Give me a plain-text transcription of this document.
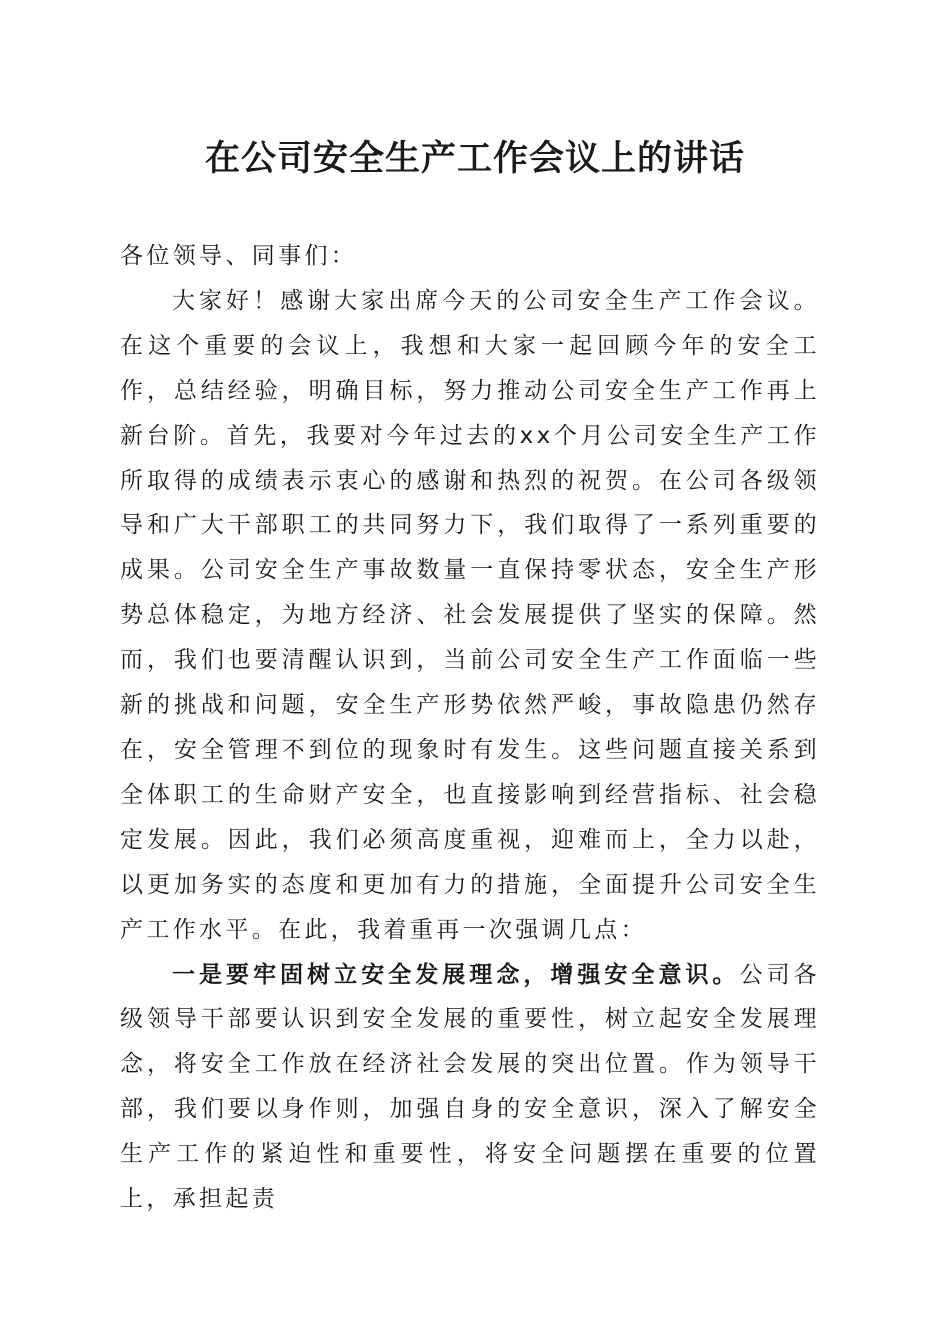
在公司安全生产工作会议上的讲话

各位领导、同事们：

大家好！感谢大家出席今天的公司安全生产工作会议。在这个重要的会议上，我想和大家一起回顾今年的安全工作，总结经验，明确目标，努力推动公司安全生产工作再上新台阶。首先，我要对今年过去的xx个月公司安全生产工作所取得的成绩表示衷心的感谢和热烈的祝贺。在公司各级领导和广大干部职工的共同努力下，我们取得了一系列重要的成果。公司安全生产事故数量一直保持零状态，安全生产形势总体稳定，为地方经济、社会发展提供了坚实的保障。然而，我们也要清醒认识到，当前公司安全生产工作面临一些新的挑战和问题，安全生产形势依然严峻，事故隐患仍然存在，安全管理不到位的现象时有发生。这些问题直接关系到全体职工的生命财产安全，也直接影响到经营指标、社会稳定发展。因此，我们必须高度重视，迎难而上，全力以赴，以更加务实的态度和更加有力的措施，全面提升公司安全生产工作水平。在此，我着重再一次强调几点：

一是要牢固树立安全发展理念，增强安全意识。公司各级领导干部要认识到安全发展的重要性，树立起安全发展理念，将安全工作放在经济社会发展的突出位置。作为领导干部，我们要以身作则，加强自身的安全意识，深入了解安全生产工作的紧迫性和重要性，将安全问题摆在重要的位置上，承担起责
